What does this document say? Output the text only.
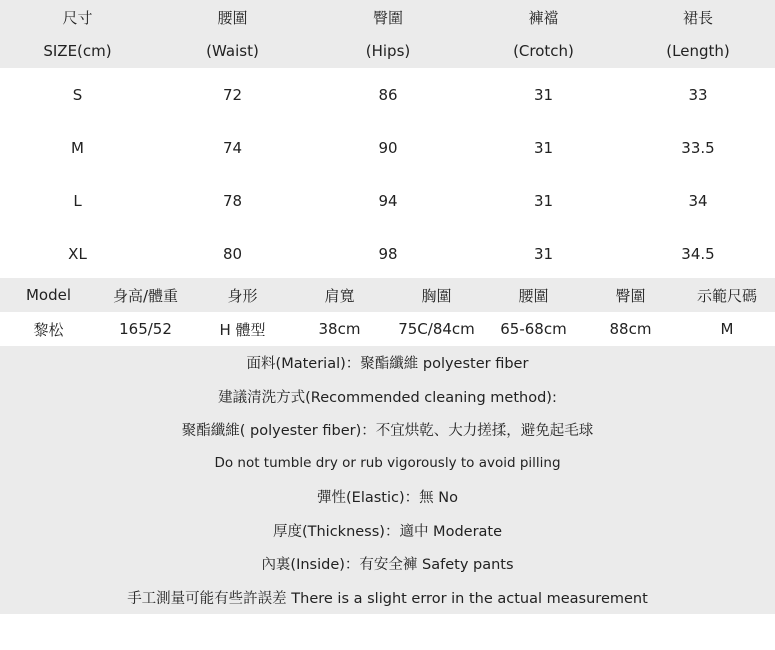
尺寸	腰圍	臀圍	褲襠	裙長
SIZE(cm)	(Waist)	(Hips)	(Crotch)	(Length)
S	72	86	31	33
M	74	90	31	33.5
L	78	94	31	34
XL	80	98	31	34.5
Model	身高/體重	身形	肩寬	胸圍	腰圍	臀圍	示範尺碼
黎松	165/52	H 體型	38cm	75C/84cm	65-68cm	88cm	M
面料(Material)：聚酯纖維 polyester fiber
建議清洗方式(Recommended cleaning method):
聚酯纖維( polyester fiber)：不宜烘乾、大力搓揉，避免起毛球
Do not tumble dry or rub vigorously to avoid pilling
彈性(Elastic)：無 No
厚度(Thickness)：適中 Moderate
內裏(Inside)：有安全褲 Safety pants
手工測量可能有些許誤差 There is a slight error in the actual measurement
